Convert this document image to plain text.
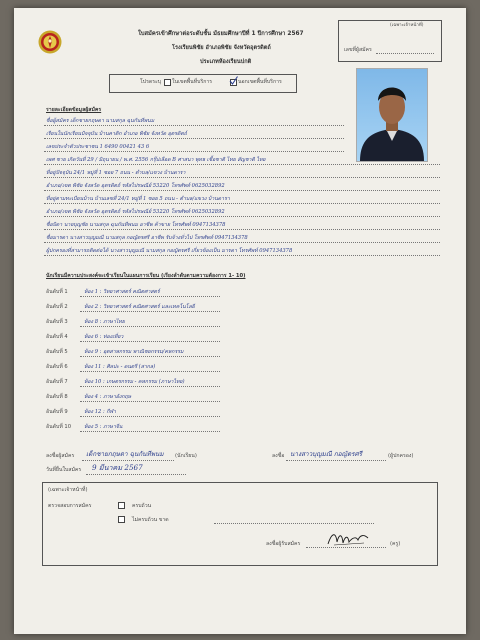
ใบสมัครเข้าศึกษาต่อระดับชั้น มัธยมศึกษาปีที่ 1 ปีการศึกษา 2567
โรงเรียนพิชัย อำเภอพิชัย จังหวัดอุตรดิตถ์
ประเภทห้องเรียนปกติ
(เฉพาะเจ้าหน้าที่)
เลขที่ผู้สมัคร
โปรดระบุ ในเขตพื้นที่บริการ	นอกเขตพื้นที่บริการ
รายละเอียดข้อมูลผู้สมัคร
ชื่อผู้สมัคร เด็กชายกฤษดา นามสกุล ฉุนกันทีพนม
เรียนในนักเรียนปัจจุบัน บ้านคาติก อำเภอ พิชัย จังหวัด อุตรดิตถ์
เลขประจำตัวประชาชน 1 6490 00421 43 6
เพศ ชาย เกิดวันที่ 29 / มิถุนายน / พ.ศ. 2556 กรุ๊ปเลือด B ศาสนา พุทธ เชื้อชาติ ไทย สัญชาติ ไทย
ที่อยู่ปัจจุบัน 24/1 หมู่ที่ 1 ซอย 7 ถนน - ตำบล/แขวง บ้านดารา
อำเภอ/เขต พิชัย จังหวัด อุตรดิตถ์ รหัสไปรษณีย์ 53220 โทรศัพท์ 0625032892
ที่อยู่ตามทะเบียนบ้าน บ้านเลขที่ 24/1 หมู่ที่ 1 ซอย 5 ถนน - ตำบล/แขวง บ้านดารา
อำเภอ/เขต พิชัย จังหวัด อุตรดิตถ์ รหัสไปรษณีย์ 53220 โทรศัพท์ 0625032892
ชื่อบิดา นายบุญชัย นามสกุล ฉุนกันทีพนม อาชีพ ค้าขาย โทรศัพท์ 0947134378
ชื่อมารดา นางสาวบุญมณี นามสกุล กอญัตรศรี อาชีพ รับจ้างทั่วไป โทรศัพท์ 0947134378
ผู้ปกครองที่สามารถติดต่อได้ นางสาวบุญมณี นามสกุล กอญัตรศรี เกี่ยวข้องเป็น มารดา โทรศัพท์ 0947134378
นักเรียนมีความประสงค์จะเข้าเรียนในแผนการเรียน (เรียงลำดับตามความต้องการ 1- 10)
อันดับที่ 1	ห้อง 1 : วิทยาศาสตร์ คณิตศาสตร์
อันดับที่ 2	ห้อง 2 : วิทยาศาสตร์ คณิตศาสตร์ และเทคโนโลยี
อันดับที่ 3	ห้อง 8 : ภาษาไทย
อันดับที่ 4	ห้อง 6 : ท่องเที่ยว
อันดับที่ 5	ห้อง 9 : อุตสาหกรรม พาณิชยกรรม/คหกรรม
อันดับที่ 6	ห้อง 11 : ศิลปะ - ดนตรี (สากล)
อันดับที่ 7	ห้อง 10 : เกษตรกรรม - คหกรรม (ภาษาไทย)
อันดับที่ 8	ห้อง 4 : ภาษาอังกฤษ
อันดับที่ 9	ห้อง 12 : กีฬา
อันดับที่ 10	ห้อง 5 : ภาษาจีน
ลงชื่อผู้สมัคร เด็กชายกฤษดา ฉุนกันทีพนม (นักเรียน)	ลงชื่อ นางสาวบุญมณี กอญัตรศรี	(ผู้ปกครอง)
วันที่ยื่นใบสมัคร 9 มีนาคม 2567
(เฉพาะเจ้าหน้าที่)
ตรวจสอบการสมัคร	ครบถ้วน
ไม่ครบถ้วน ขาด
ลงชื่อผู้รับสมัคร	(ครู)
